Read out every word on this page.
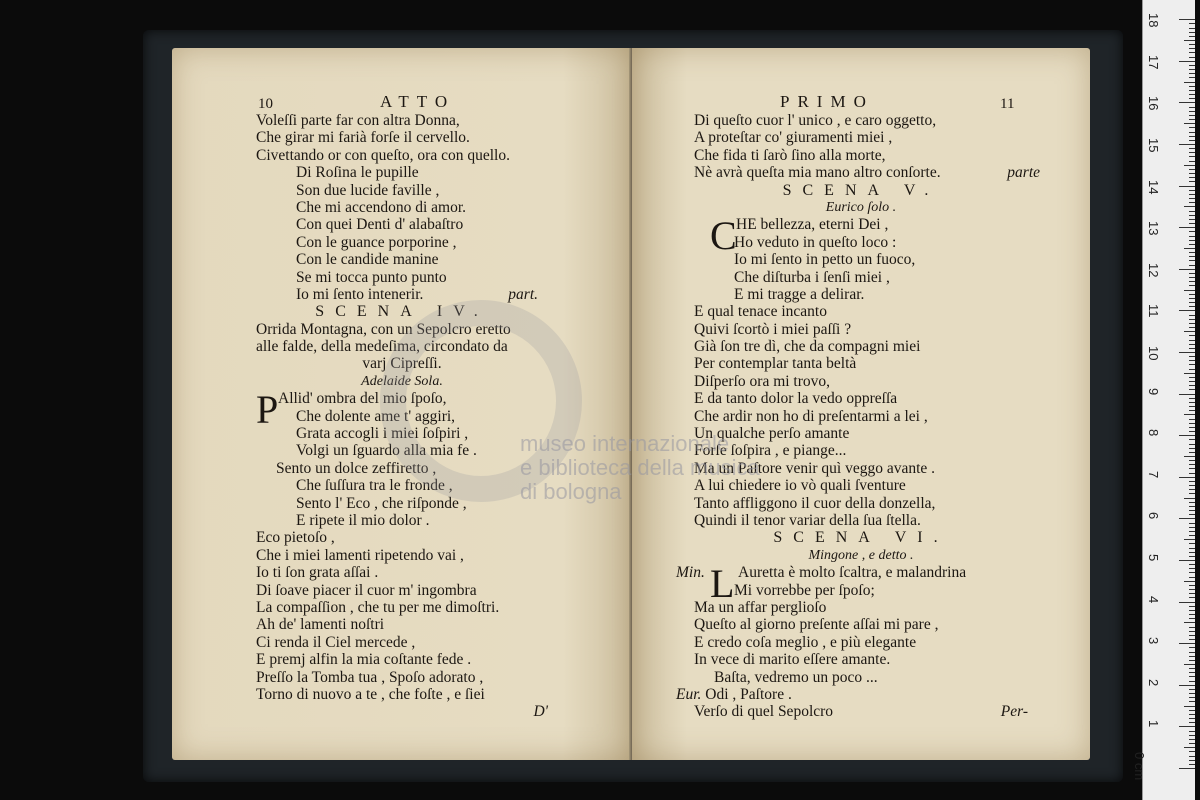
10	ATTO
Voleſſi parte far con altra Donna,
Che girar mi farià forſe il cervello.
Civettando or con queſto, ora con quello.
Di Roſina le pupille
Son due lucide faville ,
Che mi accendono di amor.
Con quei Denti d' alabaſtro
Con le guance porporine ,
Con le candide manine
Se mi tocca punto punto
Io mi ſento intenerir.	part.
SCENA IV.
Orrida Montagna, con un Sepolcro eretto
alle falde, della medeſima, circondato da
varj Cipreſſi.
Adelaide Sola.
P Allid' ombra del mio ſpoſo,
Che dolente ame t' aggiri,
Grata accogli i miei ſoſpiri ,
Volgi un ſguardo alla mia fe .
Sento un dolce zeffiretto ,
Che ſuſſura tra le fronde ,
Sento l' Eco , che riſponde ,
E ripete il mio dolor .
Eco pietoſo ,
Che i miei lamenti ripetendo vai ,
Io ti ſon grata aſſai .
Di ſoave piacer il cuor m' ingombra
La compaſſion , che tu per me dimoſtri.
Ah de' lamenti noſtri
Ci renda il Ciel mercede ,
E premj alfin la mia coſtante fede .
Preſſo la Tomba tua , Spoſo adorato ,
Torno di nuovo a te , che foſte , e ſiei
D'
PRIMO	11
Di queſto cuor l' unico , e caro oggetto,
A proteſtar co' giuramenti miei ,
Che fida ti ſarò ſino alla morte,
Nè avrà queſta mia mano altro conſorte.	parte
SCENA V.
Eurico ſolo .
C HE bellezza, eterni Dei ,
Ho veduto in queſto loco :
Io mi ſento in petto un fuoco,
Che diſturba i ſenſi miei ,
E mi tragge a delirar.
E qual tenace incanto
Quivi ſcortò i miei paſſi ?
Già ſon tre dì, che da compagni miei
Per contemplar tanta beltà
Diſperſo ora mi trovo,
E da tanto dolor la vedo oppreſſa
Che ardir non ho di preſentarmi a lei ,
Un qualche perſo amante
Forſe ſoſpira , e piange...
Ma un Paſtore venir quì veggo avante .
A lui chiedere io vò quali ſventure
Tanto affliggono il cuor della donzella,
Quindi il tenor variar della ſua ſtella.
SCENA VI.
Mingone , e detto .
Min. L Auretta è molto ſcaltra, e malandrina
Mi vorrebbe per ſpoſo;
Ma un affar perglioſo
Queſto al giorno preſente aſſai mi pare ,
E credo coſa meglio , e più elegante
In vece di marito eſſere amante.
Baſta, vedremo un poco ...
Eur. Odi , Paſtore .
Verſo di quel Sepolcro	Per-
museo internazionale
e biblioteca della musica
di bologna
0 cm
1
2
3
4
5
6
7
8
9
10
11
12
13
14
15
16
17
18
